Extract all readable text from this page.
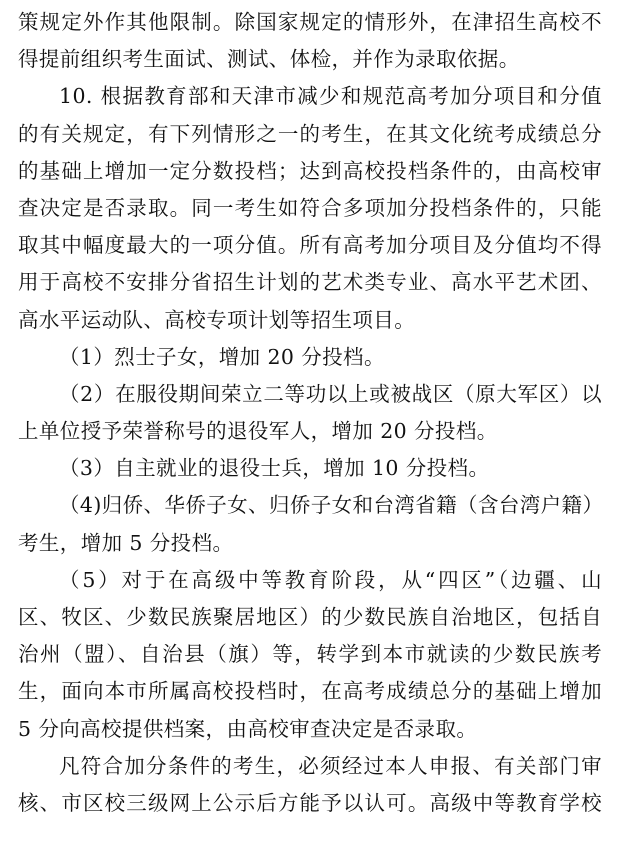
策规定外作其他限制。除国家规定的情形外，在津招生高校不
得提前组织考生面试、测试、体检，并作为录取依据。
10. 根据教育部和天津市减少和规范高考加分项目和分值
的有关规定，有下列情形之一的考生，在其文化统考成绩总分
的基础上增加一定分数投档；达到高校投档条件的，由高校审
查决定是否录取。同一考生如符合多项加分投档条件的，只能
取其中幅度最大的一项分值。所有高考加分项目及分值均不得
用于高校不安排分省招生计划的艺术类专业、高水平艺术团、
高水平运动队、高校专项计划等招生项目。
（1）烈士子女，增加 20 分投档。
（2）在服役期间荣立二等功以上或被战区（原大军区）以
上单位授予荣誉称号的退役军人，增加 20 分投档。
（3）自主就业的退役士兵，增加 10 分投档。
（4)归侨、华侨子女、归侨子女和台湾省籍（含台湾户籍）
考生，增加 5 分投档。
（5）对于在高级中等教育阶段，从“四区”（边疆、山
区、牧区、少数民族聚居地区）的少数民族自治地区，包括自
治州（盟）、自治县（旗）等，转学到本市就读的少数民族考
生，面向本市所属高校投档时，在高考成绩总分的基础上增加
5 分向高校提供档案，由高校审查决定是否录取。
凡符合加分条件的考生，必须经过本人申报、有关部门审
核、市区校三级网上公示后方能予以认可。高级中等教育学校
